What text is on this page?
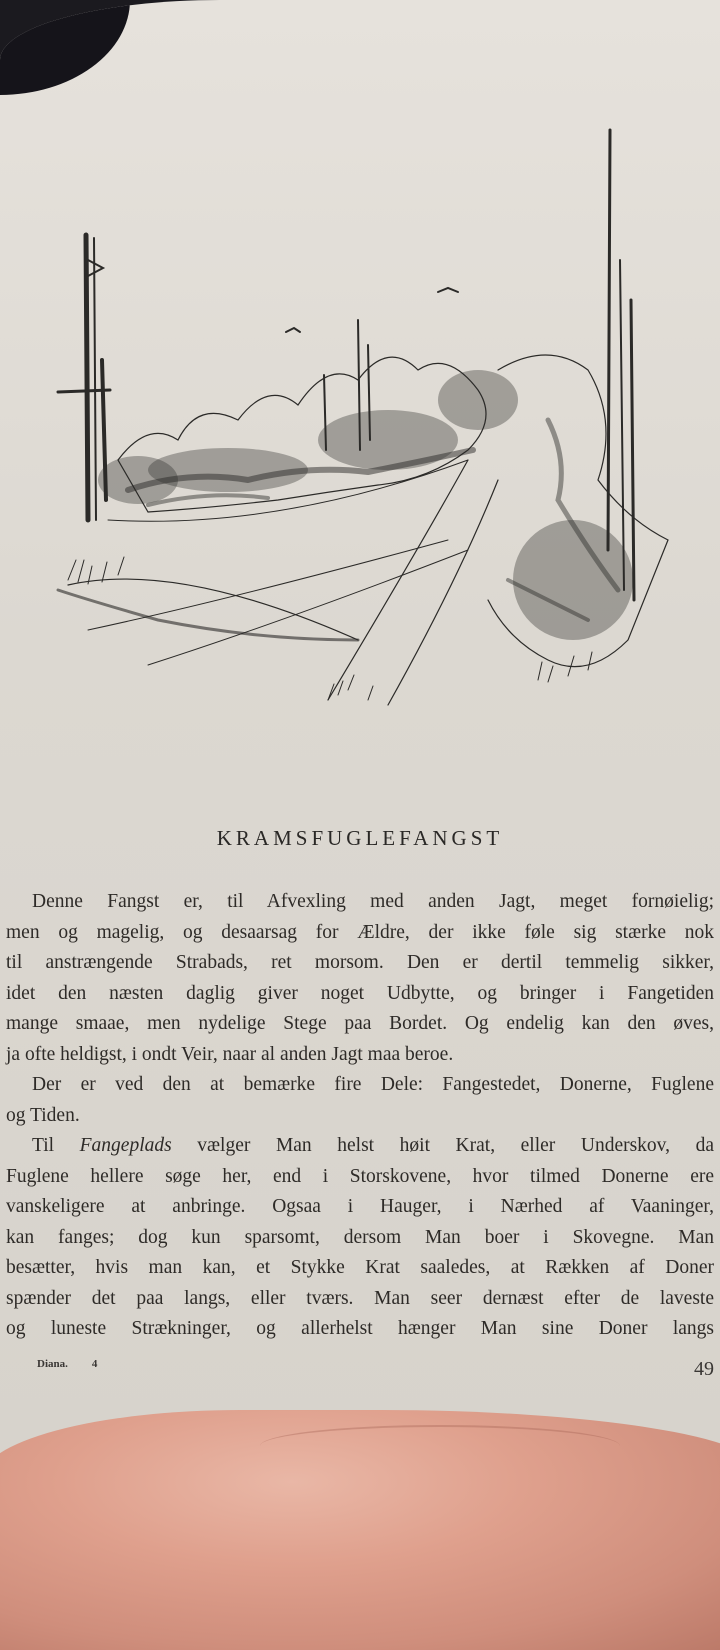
KRAMSFUGLEFANGST
Denne Fangst er, til Afvexling med anden Jagt, meget fornøielig;
men og magelig, og desaarsag for Ældre, der ikke føle sig stærke nok
til anstrængende Strabads, ret morsom. Den er dertil temmelig sikker,
idet den næsten daglig giver noget Udbytte, og bringer i Fangetiden
mange smaae, men nydelige Stege paa Bordet. Og endelig kan den øves,
ja ofte heldigst, i ondt Veir, naar al anden Jagt maa beroe.
Der er ved den at bemærke fire Dele: Fangestedet, Donerne, Fuglene
og Tiden.
Til Fangeplads vælger Man helst høit Krat, eller Underskov, da
Fuglene hellere søge her, end i Storskovene, hvor tilmed Donerne ere
vanskeligere at anbringe. Ogsaa i Hauger, i Nærhed af Vaaninger,
kan fanges; dog kun sparsomt, dersom Man boer i Skovegne. Man
besætter, hvis man kan, et Stykke Krat saaledes, at Rækken af Doner
spænder det paa langs, eller tværs. Man seer dernæst efter de laveste
og luneste Strækninger, og allerhelst hænger Man sine Doner langs
Diana. 4	49
